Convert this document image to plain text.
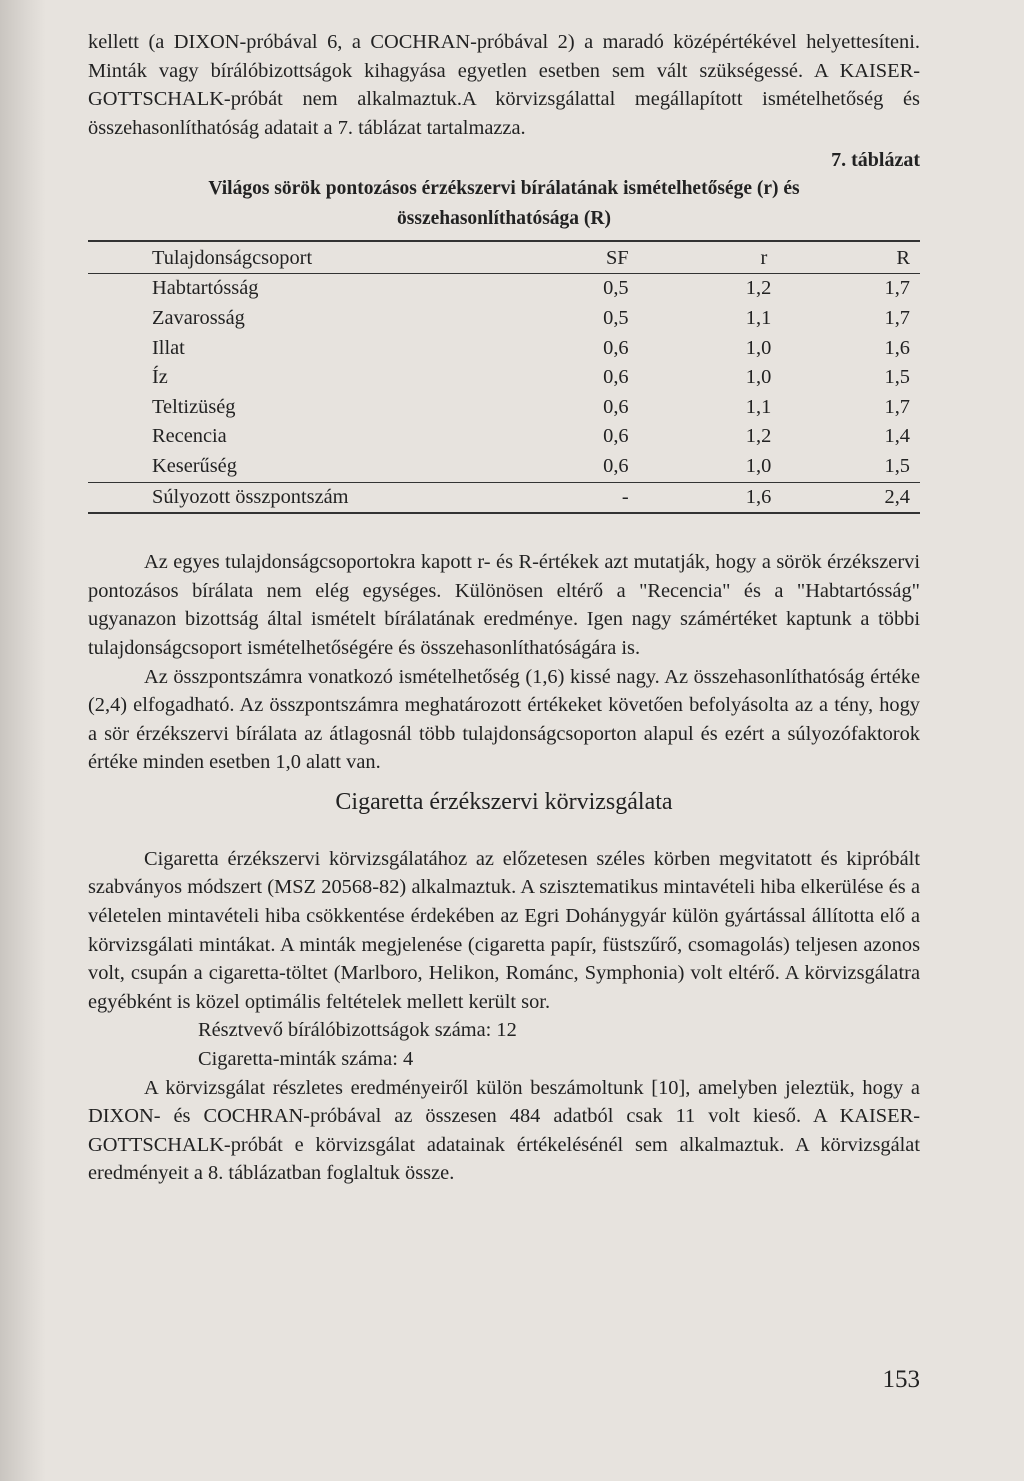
kellett (a DIXON-próbával 6, a COCHRAN-próbával 2) a maradó középértékével helyettesíteni. Minták vagy bírálóbizottságok kihagyása egyetlen esetben sem vált szükségessé. A KAISER-GOTTSCHALK-próbát nem alkalmaztuk.A körvizsgálattal megállapított ismételhetőség és összehasonlíthatóság adatait a 7. táblázat tartalmazza.

7. táblázat
Világos sörök pontozásos érzékszervi bírálatának ismételhetősége (r) és
összehasonlíthatósága (R)
Tulajdonságcsoport	SF	r	R
Habtartósság	0,5	1,2	1,7
Zavarosság	0,5	1,1	1,7
Illat	0,6	1,0	1,6
Íz	0,6	1,0	1,5
Teltizüség	0,6	1,1	1,7
Recencia	0,6	1,2	1,4
Keserűség	0,6	1,0	1,5
Súlyozott összpontszám	-	1,6	2,4

Az egyes tulajdonságcsoportokra kapott r- és R-értékek azt mutatják, hogy a sörök érzékszervi pontozásos bírálata nem elég egységes. Különösen eltérő a "Recencia" és a "Habtartósság" ugyanazon bizottság által ismételt bírálatának eredménye. Igen nagy számértéket kaptunk a többi tulajdonságcsoport ismételhetőségére és összehasonlíthatóságára is.

Az összpontszámra vonatkozó ismételhetőség (1,6) kissé nagy. Az összehasonlíthatóság értéke (2,4) elfogadható. Az összpontszámra meghatározott értékeket követően befolyásolta az a tény, hogy a sör érzékszervi bírálata az átlagosnál több tulajdonságcsoporton alapul és ezért a súlyozófaktorok értéke minden esetben 1,0 alatt van.

Cigaretta érzékszervi körvizsgálata

Cigaretta érzékszervi körvizsgálatához az előzetesen széles körben megvitatott és kipróbált szabványos módszert (MSZ 20568-82) alkalmaztuk. A szisztematikus mintavételi hiba elkerülése és a véletelen mintavételi hiba csökkentése érdekében az Egri Dohánygyár külön gyártással állította elő a körvizsgálati mintákat. A minták megjelenése (cigaretta papír, füstszűrő, csomagolás) teljesen azonos volt, csupán a cigaretta-töltet (Marlboro, Helikon, Románc, Symphonia) volt eltérő. A körvizsgálatra egyébként is közel optimális feltételek mellett került sor.

Résztvevő bírálóbizottságok száma: 12

Cigaretta-minták száma: 4

A körvizsgálat részletes eredményeiről külön beszámoltunk [10], amelyben jeleztük, hogy a DIXON- és COCHRAN-próbával az összesen 484 adatból csak 11 volt kieső. A KAISER-GOTTSCHALK-próbát e körvizsgálat adatainak értékelésénél sem alkalmaztuk. A körvizsgálat eredményeit a 8. táblázatban foglaltuk össze.

153
